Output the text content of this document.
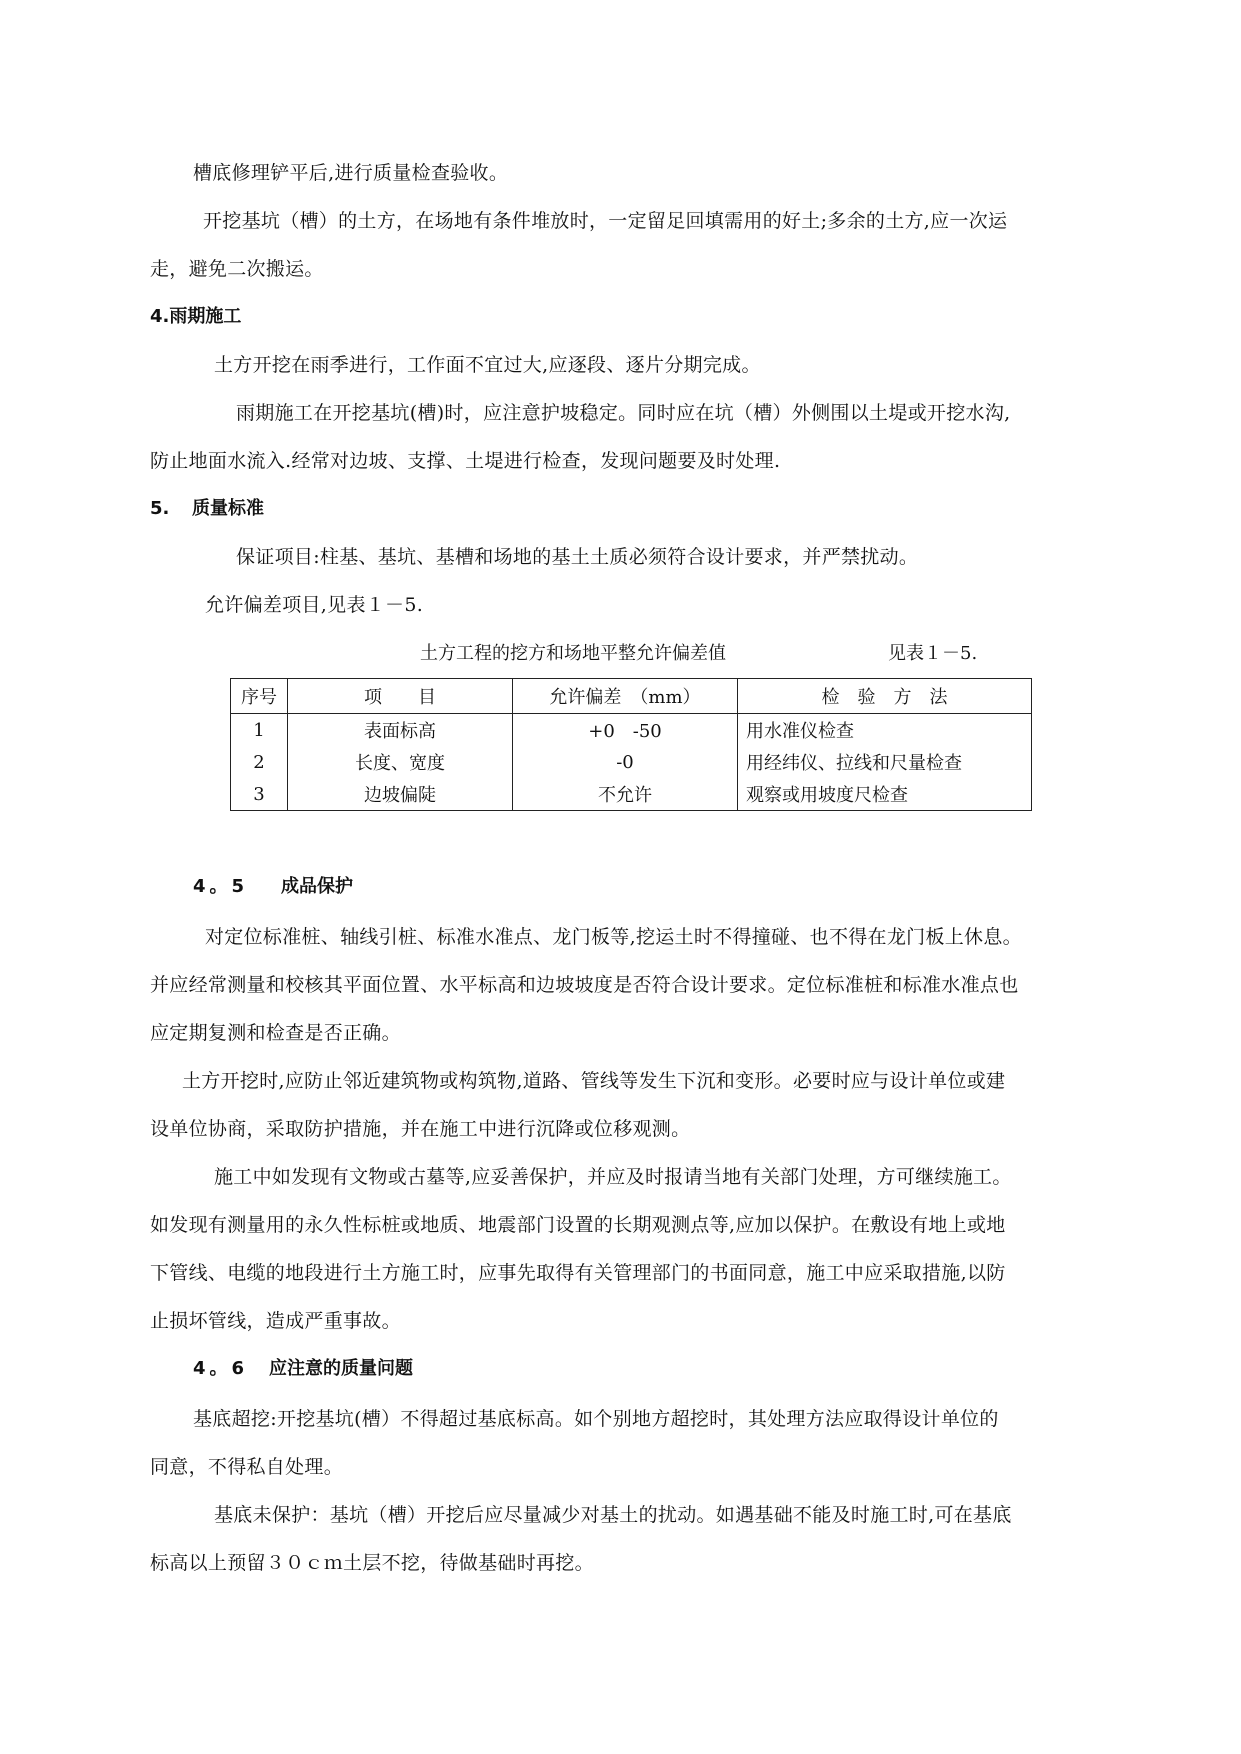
槽底修理铲平后,进行质量检查验收。
开挖基坑（槽）的土方，在场地有条件堆放时，一定留足回填需用的好土;多余的土方,应一次运
走，避免二次搬运。
4.雨期施工
土方开挖在雨季进行，工作面不宜过大,应逐段、逐片分期完成。
雨期施工在开挖基坑(槽)时，应注意护坡稳定。同时应在坑（槽）外侧围以土堤或开挖水沟,
防止地面水流入.经常对边坡、支撑、土堤进行检查，发现问题要及时处理.
5. 质量标准
保证项目:柱基、基坑、基槽和场地的基土土质必须符合设计要求，并严禁扰动。
允许偏差项目,见表１－5.
土方工程的挖方和场地平整允许偏差值	见表１－5.
序号	项　　目	允许偏差　（mm）	检　验　方　法
1	表面标高	+0　-50	用水准仪检查
2	长度、宽度	-0	用经纬仪、拉线和尺量检查
3	边坡偏陡	不允许	观察或用坡度尺检查
4。5 成品保护
对定位标准桩、轴线引桩、标准水准点、龙门板等,挖运土时不得撞碰、也不得在龙门板上休息。
并应经常测量和校核其平面位置、水平标高和边坡坡度是否符合设计要求。定位标准桩和标准水准点也
应定期复测和检查是否正确。
土方开挖时,应防止邻近建筑物或构筑物,道路、管线等发生下沉和变形。必要时应与设计单位或建
设单位协商，采取防护措施，并在施工中进行沉降或位移观测。
施工中如发现有文物或古墓等,应妥善保护，并应及时报请当地有关部门处理，方可继续施工。
如发现有测量用的永久性标桩或地质、地震部门设置的长期观测点等,应加以保护。在敷设有地上或地
下管线、电缆的地段进行土方施工时，应事先取得有关管理部门的书面同意，施工中应采取措施,以防
止损坏管线，造成严重事故。
4。6 应注意的质量问题
基底超挖:开挖基坑(槽）不得超过基底标高。如个别地方超挖时，其处理方法应取得设计单位的
同意，不得私自处理。
基底未保护：基坑（槽）开挖后应尽量减少对基土的扰动。如遇基础不能及时施工时,可在基底
标高以上预留３０ｃｍ土层不挖，待做基础时再挖。
